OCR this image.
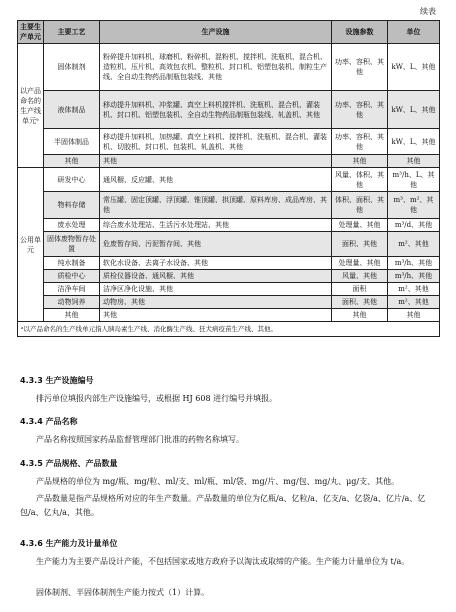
续表
主要生产单元	主要工艺	生产设施	设施参数	单位
以产品命名的生产线单元ᵃ	固体制剂	粉碎提升加料机、球磨机、粉碎机、混粉机、搅拌机、洗瓶机、混合机、造粒机、压片机、高效包衣机、整粒机、封口机、铝塑包装机、制粒生产线、全自动生物药品制瓶包装线、其他	功率、容积、其他	kW、L、其他
	液体制品	移动提升加料机、冲浆罐、真空上料机搅拌机、洗瓶机、混合机、灌装机、封口机、铝塑包装机、全自动生物药品制瓶包装线、轧盖机、其他	功率、容积、其他	kW、L、其他
	半固体制品	移动提升加料机、加热罐、真空上料机、搅拌机、洗瓶机、混合机、灌装机、切胶机、封口机、包装机、轧盖机、其他	功率、容积、其他	kW、L、其他
	其他	其他	其他	其他
公用单元	研发中心	通风橱、反应罐、其他	风量、体积、其他	m³/h、L、其他
	物料存储	常压罐、固定顶罐、浮顶罐、锥顶罐、拱顶罐、原料库房、成品库房、其他	体积、面积、其他	m³、m²、其他
	废水处理	综合废水处理站、生活污水处理站、其他	处理量、其他	m³/d、其他
	固体废物暂存处置	危废暂存间、污泥暂存间、其他	面积、其他	m²、其他
	纯水制备	软化水设备、去离子水设备、其他	处理量、其他	m³/h、其他
	质检中心	质检仪器设备、通风橱、其他	风量、其他	m³/h、其他
	洁净车间	洁净区净化设施、其他	面积	m²、其他
	动物饲养	动物房、其他	面积、其他	m²、其他
	其他	其他	其他	其他
ᵃ以产品命名的生产线单元指人胰岛素生产线、消化酶生产线、狂犬病疫苗生产线、其他。				
4.3.3 生产设施编号
排污单位填报内部生产设施编号，或根据 HJ 608 进行编号并填报。
4.3.4 产品名称
产品名称按照国家药品监督管理部门批准的药物名称填写。
4.3.5 产品规格、产品数量
产品规格的单位为 mg/瓶、mg/粒、ml/支、ml/瓶、ml/袋、mg/片、mg/包、mg/丸、μg/支、其他。
产品数量是指产品规格所对应的年生产数量。产品数量的单位为亿瓶/a、亿粒/a、亿支/a、亿袋/a、亿片/a、亿包/a、亿丸/a、其他。
4.3.6 生产能力及计量单位
生产能力为主要产品设计产能，不包括国家或地方政府予以淘汰或取缔的产能。生产能力计量单位为 t/a。
固体制剂、半固体制剂生产能力按式（1）计算。
